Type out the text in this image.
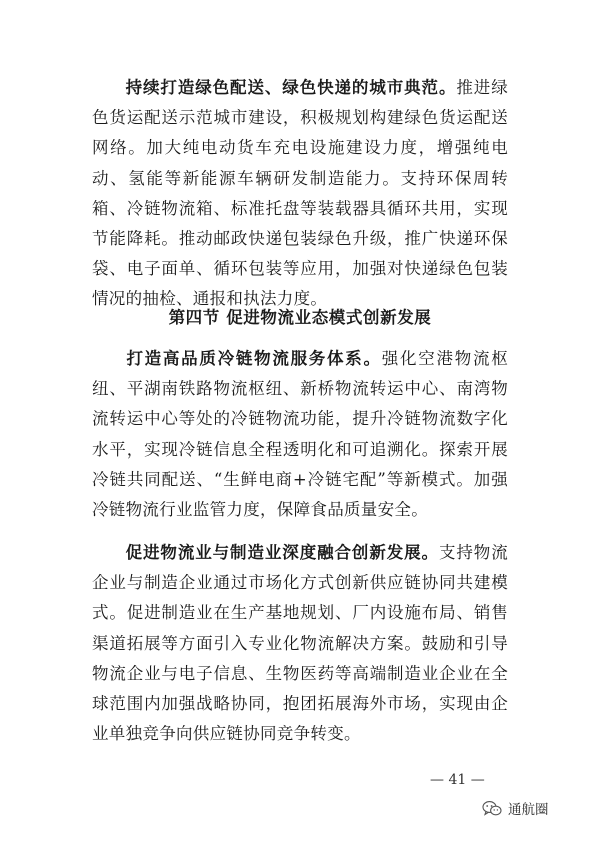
持续打造绿色配送、绿色快递的城市典范。推进绿色货运配送示范城市建设，积极规划构建绿色货运配送网络。加大纯电动货车充电设施建设力度，增强纯电动、氢能等新能源车辆研发制造能力。支持环保周转箱、冷链物流箱、标准托盘等装载器具循环共用，实现节能降耗。推动邮政快递包装绿色升级，推广快递环保袋、电子面单、循环包装等应用，加强对快递绿色包装情况的抽检、通报和执法力度。

第四节 促进物流业态模式创新发展

打造高品质冷链物流服务体系。强化空港物流枢纽、平湖南铁路物流枢纽、新桥物流转运中心、南湾物流转运中心等处的冷链物流功能，提升冷链物流数字化水平，实现冷链信息全程透明化和可追溯化。探索开展冷链共同配送、“生鲜电商+冷链宅配”等新模式。加强冷链物流行业监管力度，保障食品质量安全。

促进物流业与制造业深度融合创新发展。支持物流企业与制造企业通过市场化方式创新供应链协同共建模式。促进制造业在生产基地规划、厂内设施布局、销售渠道拓展等方面引入专业化物流解决方案。鼓励和引导物流企业与电子信息、生物医药等高端制造业企业在全球范围内加强战略协同，抱团拓展海外市场，实现由企业单独竞争向供应链协同竞争转变。

— 41 —
通航圈
